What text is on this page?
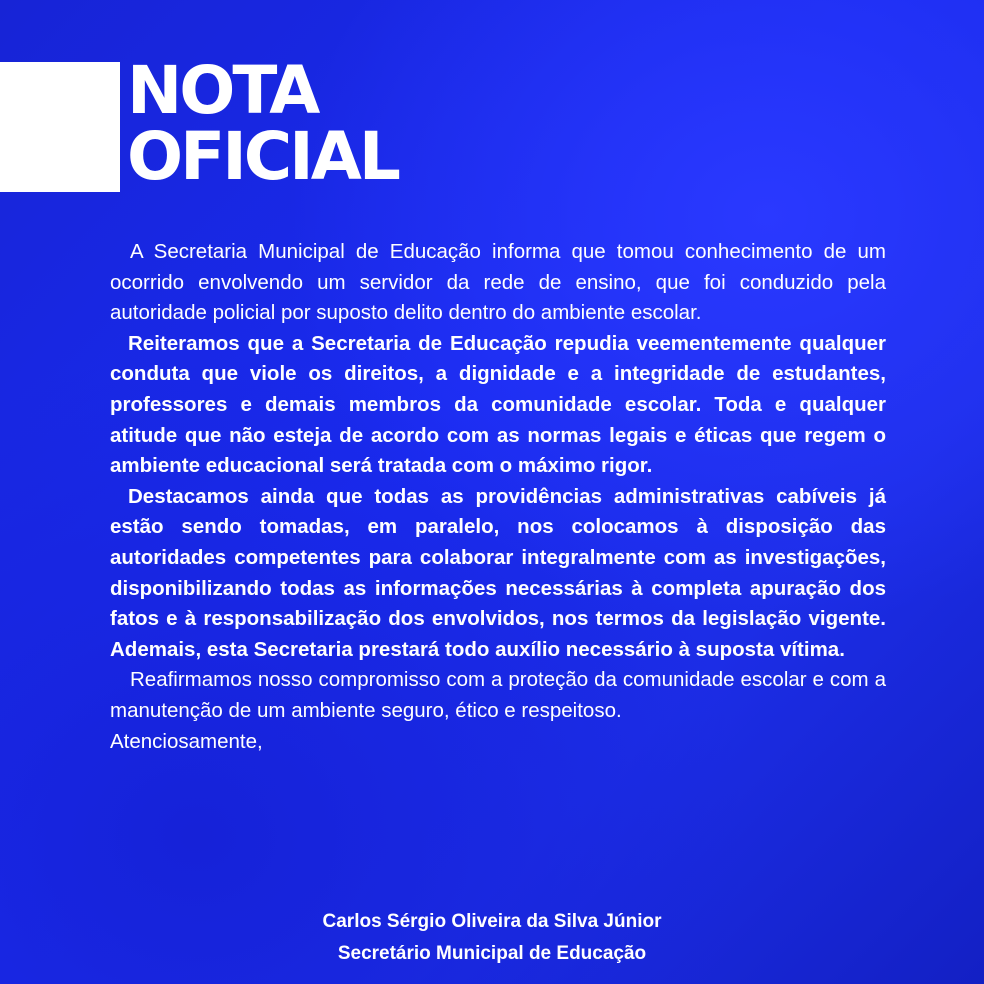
NOTA
OFICIAL

A Secretaria Municipal de Educação informa que tomou conhecimento de um ocorrido envolvendo um servidor da rede de ensino, que foi conduzido pela autoridade policial por suposto delito dentro do ambiente escolar.

Reiteramos que a Secretaria de Educação repudia veementemente qualquer conduta que viole os direitos, a dignidade e a integridade de estudantes, professores e demais membros da comunidade escolar. Toda e qualquer atitude que não esteja de acordo com as normas legais e éticas que regem o ambiente educacional será tratada com o máximo rigor.

Destacamos ainda que todas as providências administrativas cabíveis já estão sendo tomadas, em paralelo, nos colocamos à disposição das autoridades competentes para colaborar integralmente com as investigações, disponibilizando todas as informações necessárias à completa apuração dos fatos e à responsabilização dos envolvidos, nos termos da legislação vigente. Ademais, esta Secretaria prestará todo auxílio necessário à suposta vítima.

Reafirmamos nosso compromisso com a proteção da comunidade escolar e com a manutenção de um ambiente seguro, ético e respeitoso.

Atenciosamente,

Carlos Sérgio Oliveira da Silva Júnior
Secretário Municipal de Educação
